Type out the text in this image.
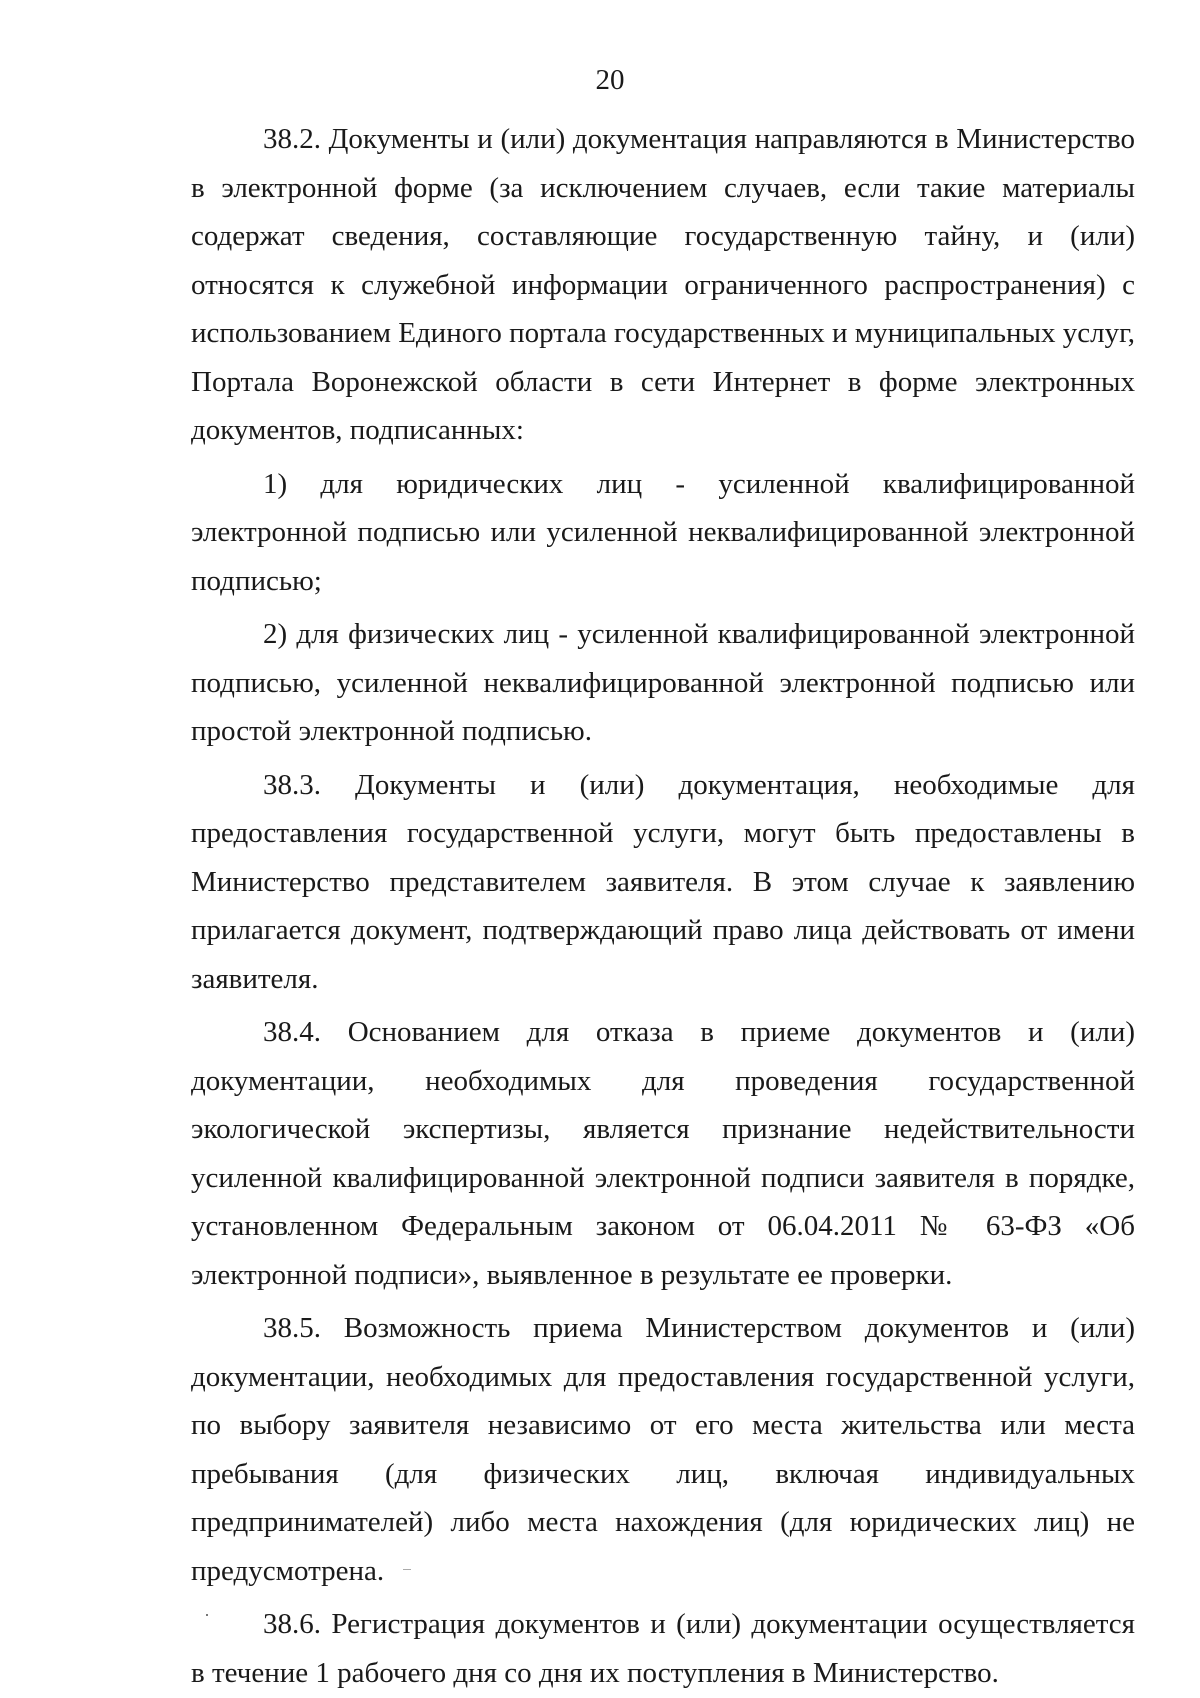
20

38.2. Документы и (или) документация направляются в Министерство в электронной форме (за исключением случаев, если такие материалы содержат сведения, составляющие государственную тайну, и (или) относятся к служебной информации ограниченного распространения) с использованием Единого портала государственных и муниципальных услуг, Портала Воронежской области в сети Интернет в форме электронных документов, подписанных:

1) для юридических лиц - усиленной квалифицированной электронной подписью или усиленной неквалифицированной электронной подписью;

2) для физических лиц - усиленной квалифицированной электронной подписью, усиленной неквалифицированной электронной подписью или простой электронной подписью.

38.3. Документы и (или) документация, необходимые для предоставления государственной услуги, могут быть предоставлены в Министерство представителем заявителя. В этом случае к заявлению прилагается документ, подтверждающий право лица действовать от имени заявителя.

38.4. Основанием для отказа в приеме документов и (или) документации, необходимых для проведения государственной экологической экспертизы, является признание недействительности усиленной квалифицированной электронной подписи заявителя в порядке, установленном Федеральным законом от 06.04.2011 № 63-ФЗ «Об электронной подписи», выявленное в результате ее проверки.

38.5. Возможность приема Министерством документов и (или) документации, необходимых для предоставления государственной услуги, по выбору заявителя независимо от его места жительства или места пребывания (для физических лиц, включая индивидуальных предпринимателей) либо места нахождения (для юридических лиц) не предусмотрена.

38.6. Регистрация документов и (или) документации осуществляется в течение 1 рабочего дня со дня их поступления в Министерство.
